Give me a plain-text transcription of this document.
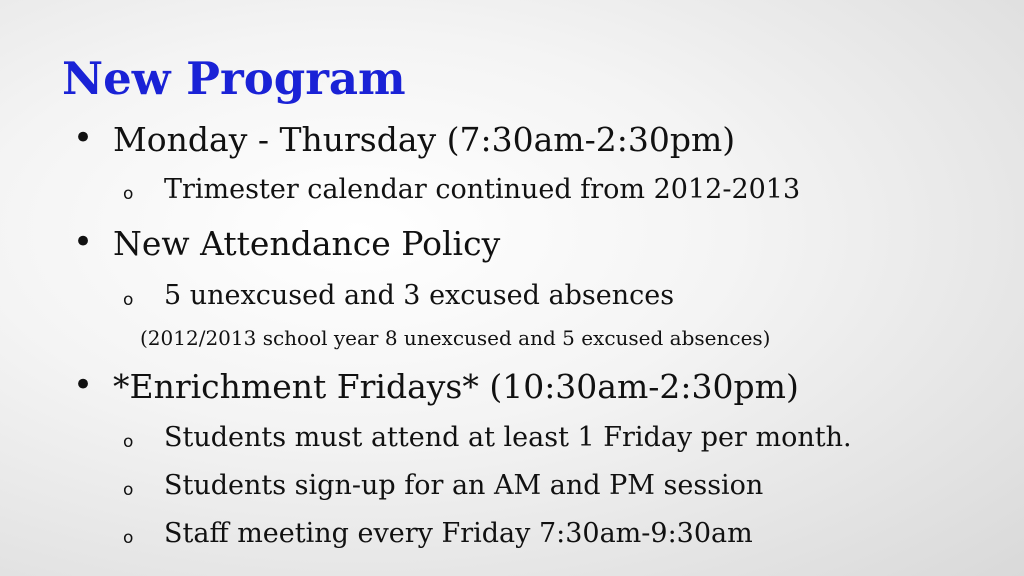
New Program
• Monday - Thursday (7:30am-2:30pm)
o Trimester calendar continued from 2012-2013
• New Attendance Policy
o 5 unexcused and 3 excused absences
(2012/2013 school year 8 unexcused and 5 excused absences)
• *Enrichment Fridays* (10:30am-2:30pm)
o Students must attend at least 1 Friday per month.
o Students sign-up for an AM and PM session
o Staff meeting every Friday 7:30am-9:30am
